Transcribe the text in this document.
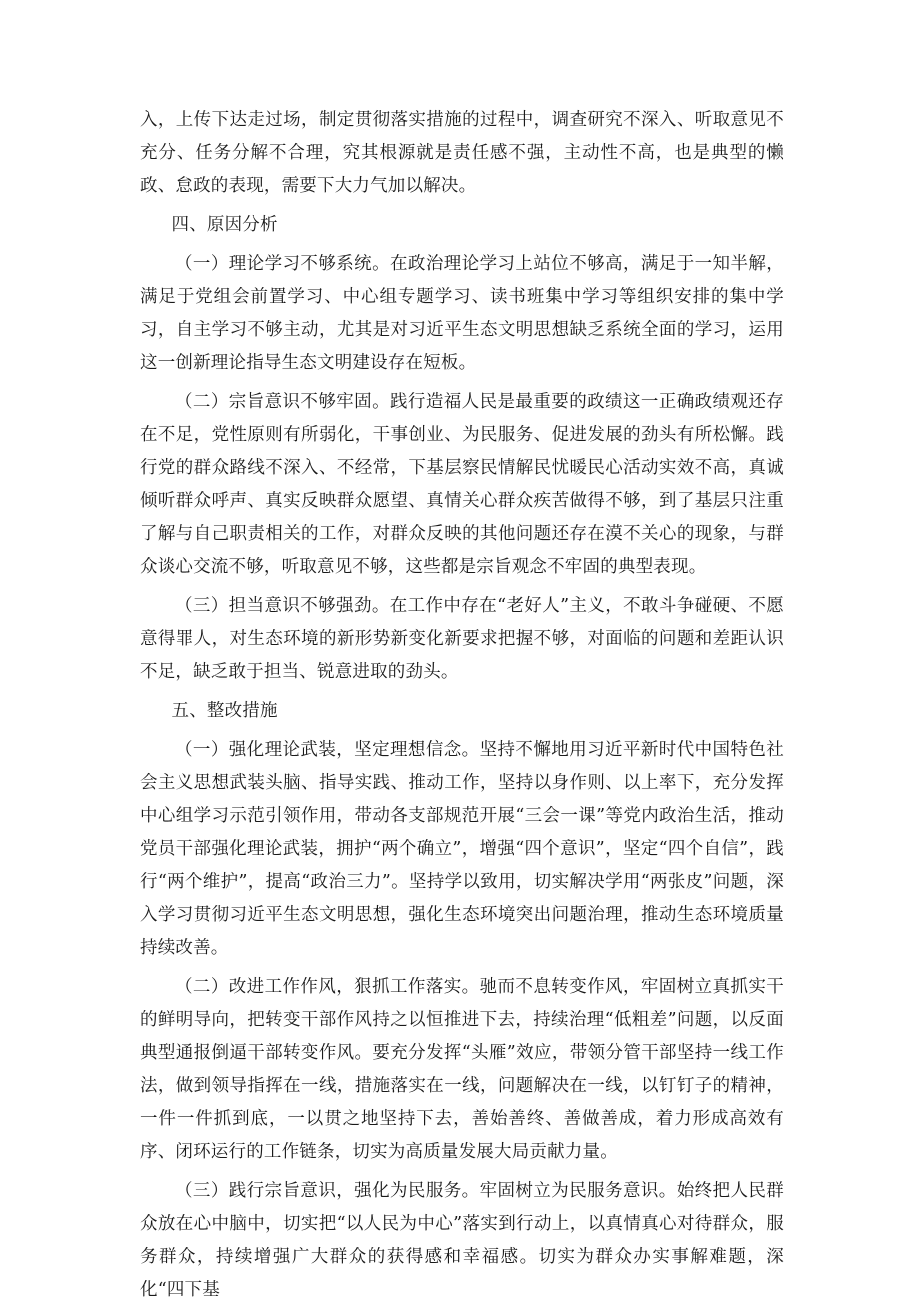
入，上传下达走过场，制定贯彻落实措施的过程中，调查研究不深入、听取意见不充分、任务分解不合理，究其根源就是责任感不强，主动性不高，也是典型的懒政、怠政的表现，需要下大力气加以解决。

四、原因分析

（一）理论学习不够系统。在政治理论学习上站位不够高，满足于一知半解，满足于党组会前置学习、中心组专题学习、读书班集中学习等组织安排的集中学习，自主学习不够主动，尤其是对习近平生态文明思想缺乏系统全面的学习，运用这一创新理论指导生态文明建设存在短板。

（二）宗旨意识不够牢固。践行造福人民是最重要的政绩这一正确政绩观还存在不足，党性原则有所弱化，干事创业、为民服务、促进发展的劲头有所松懈。践行党的群众路线不深入、不经常，下基层察民情解民忧暖民心活动实效不高，真诚倾听群众呼声、真实反映群众愿望、真情关心群众疾苦做得不够，到了基层只注重了解与自己职责相关的工作，对群众反映的其他问题还存在漠不关心的现象，与群众谈心交流不够，听取意见不够，这些都是宗旨观念不牢固的典型表现。

（三）担当意识不够强劲。在工作中存在“老好人”主义，不敢斗争碰硬、不愿意得罪人，对生态环境的新形势新变化新要求把握不够，对面临的问题和差距认识不足，缺乏敢于担当、锐意进取的劲头。

五、整改措施

（一）强化理论武装，坚定理想信念。坚持不懈地用习近平新时代中国特色社会主义思想武装头脑、指导实践、推动工作，坚持以身作则、以上率下，充分发挥中心组学习示范引领作用，带动各支部规范开展“三会一课”等党内政治生活，推动党员干部强化理论武装，拥护“两个确立”，增强“四个意识”，坚定“四个自信”，践行“两个维护”，提高“政治三力”。坚持学以致用，切实解决学用“两张皮”问题，深入学习贯彻习近平生态文明思想，强化生态环境突出问题治理，推动生态环境质量持续改善。

（二）改进工作作风，狠抓工作落实。驰而不息转变作风，牢固树立真抓实干的鲜明导向，把转变干部作风持之以恒推进下去，持续治理“低粗差”问题，以反面典型通报倒逼干部转变作风。要充分发挥“头雁”效应，带领分管干部坚持一线工作法，做到领导指挥在一线，措施落实在一线，问题解决在一线，以钉钉子的精神，一件一件抓到底，一以贯之地坚持下去，善始善终、善做善成，着力形成高效有序、闭环运行的工作链条，切实为高质量发展大局贡献力量。

（三）践行宗旨意识，强化为民服务。牢固树立为民服务意识。始终把人民群众放在心中脑中，切实把“以人民为中心”落实到行动上，以真情真心对待群众，服务群众，持续增强广大群众的获得感和幸福感。切实为群众办实事解难题，深化“四下基
